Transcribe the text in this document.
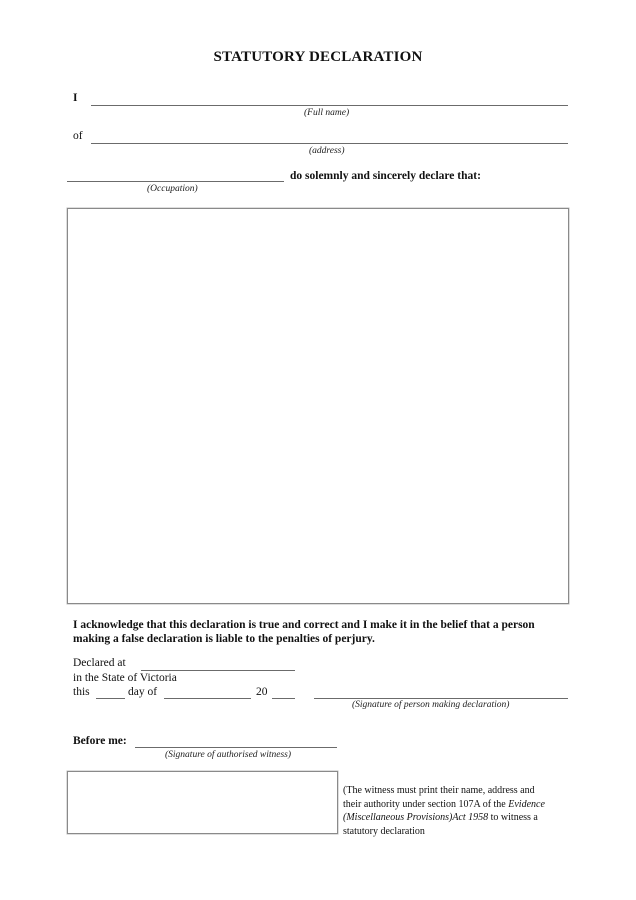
STATUTORY DECLARATION
I
(Full name)
of
(address)
do solemnly and sincerely declare that:
(Occupation)
I acknowledge that this declaration is true and correct and I make it in the belief that a person
making a false declaration is liable to the penalties of perjury.
Declared at
in the State of Victoria
this	day of	20
(Signature of person making declaration)
Before me:
(Signature of authorised witness)
(The witness must print their name, address and
their authority under section 107A of the Evidence
(Miscellaneous Provisions)Act 1958 to witness a
statutory declaration
